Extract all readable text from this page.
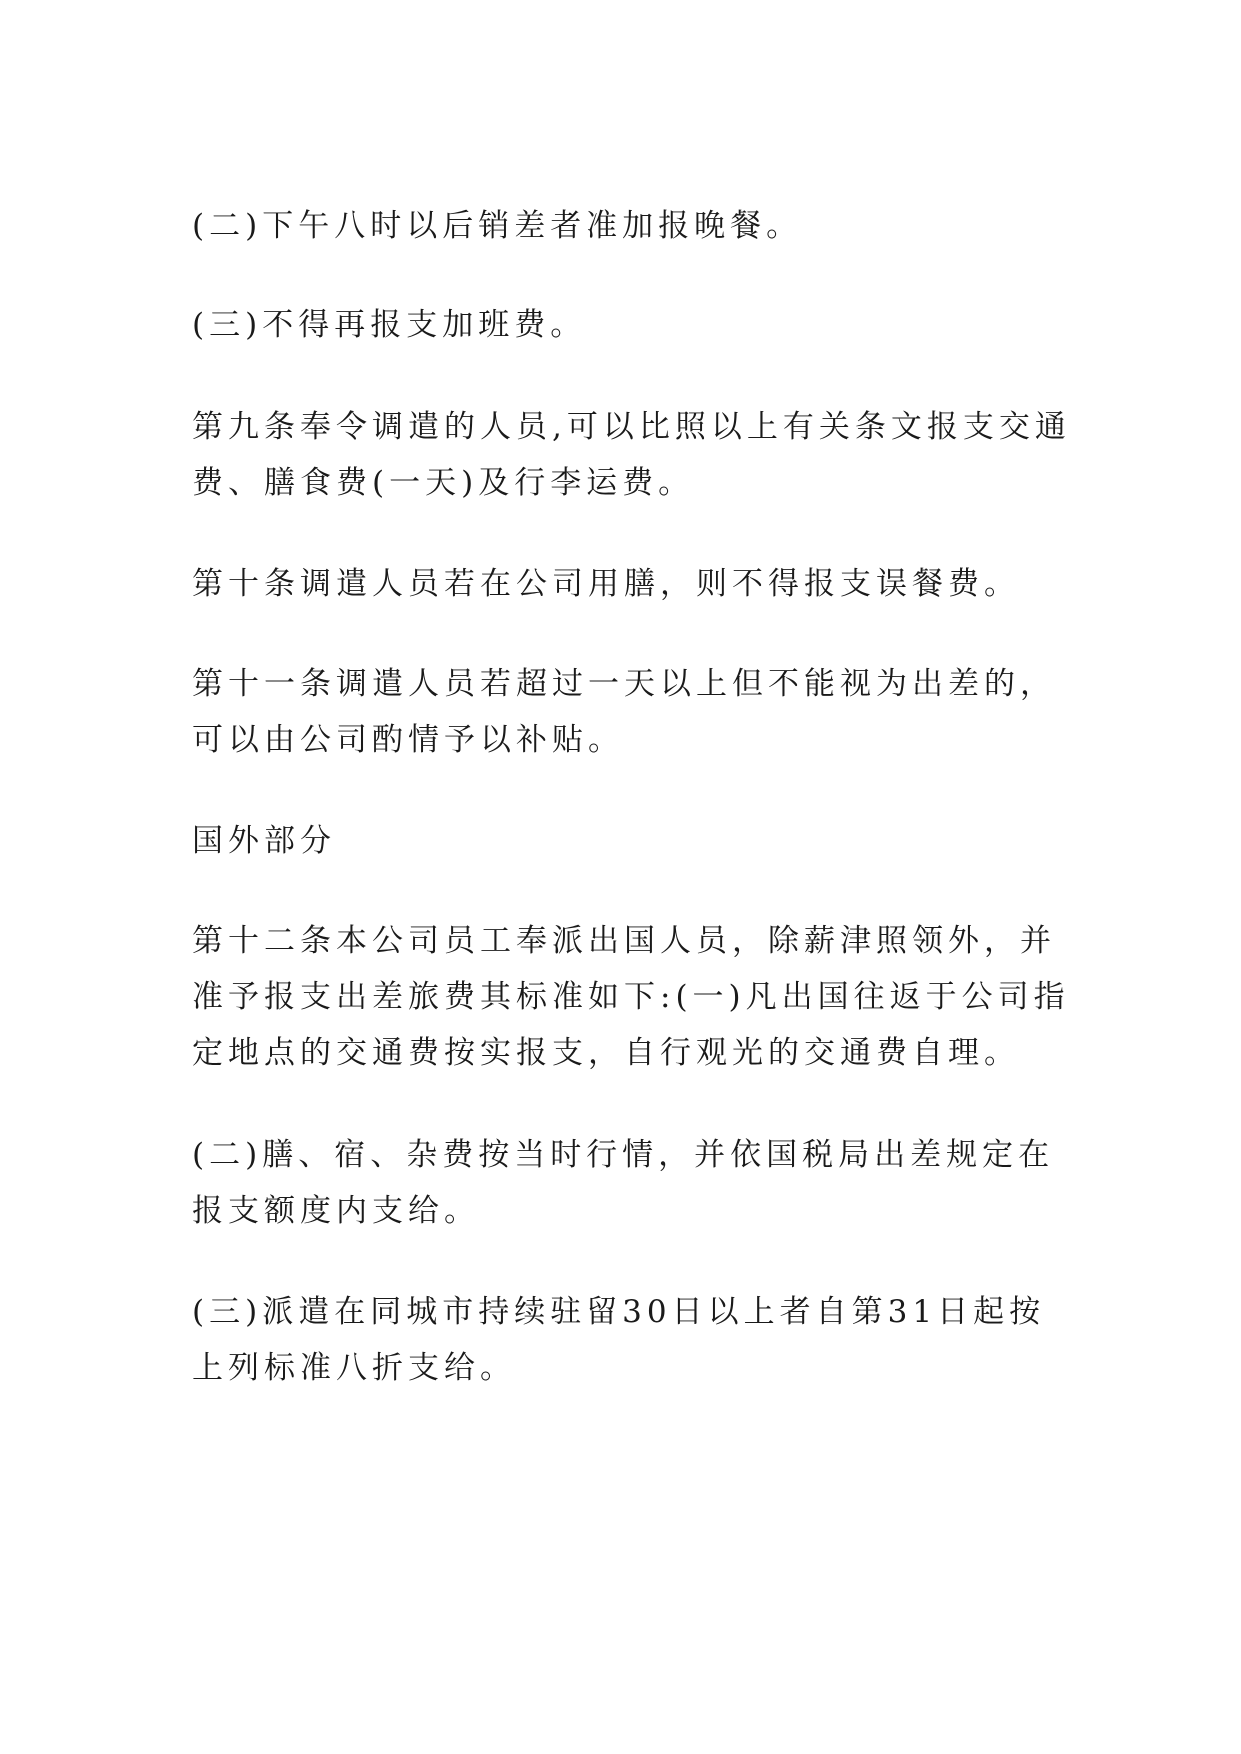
(二)下午八时以后销差者准加报晚餐。

(三)不得再报支加班费。

第九条奉令调遣的人员,可以比照以上有关条文报支交通费、膳食费(一天)及行李运费。

第十条调遣人员若在公司用膳，则不得报支误餐费。

第十一条调遣人员若超过一天以上但不能视为出差的，可以由公司酌情予以补贴。

国外部分

第十二条本公司员工奉派出国人员，除薪津照领外，并准予报支出差旅费其标准如下:(一)凡出国往返于公司指定地点的交通费按实报支，自行观光的交通费自理。

(二)膳、宿、杂费按当时行情，并依国税局出差规定在报支额度内支给。

(三)派遣在同城市持续驻留30日以上者自第31日起按上列标准八折支给。
